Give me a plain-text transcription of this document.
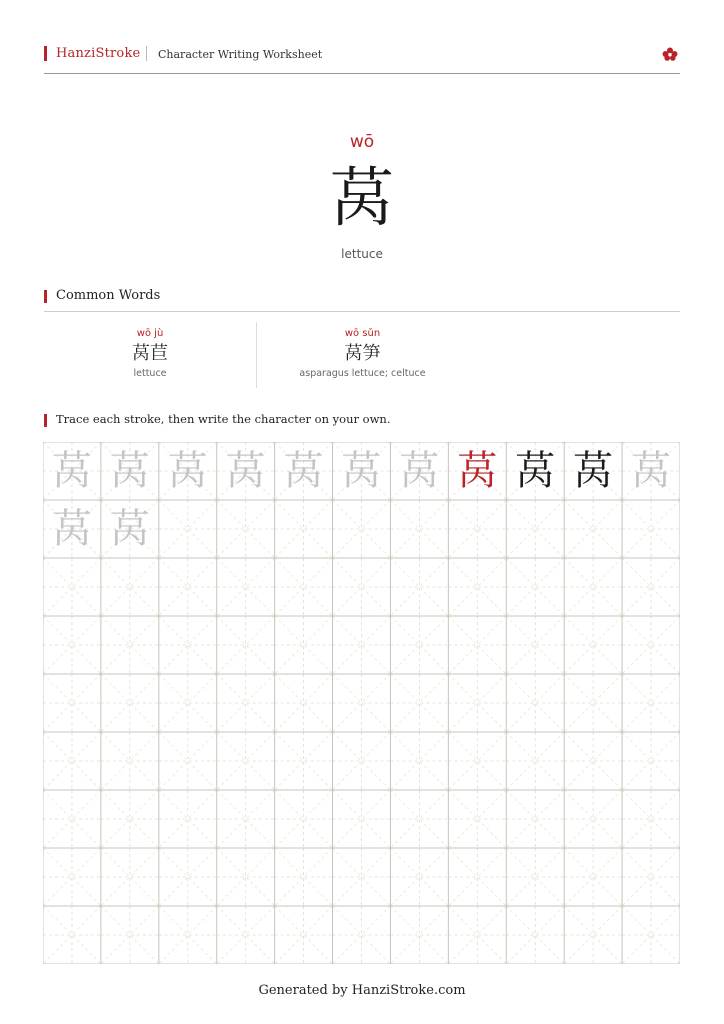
HanziStroke Character Writing Worksheet
wō
莴
lettuce
Common Words
wō jù
莴苣
lettuce
wō sǔn
莴笋
asparagus lettuce; celtuce
Trace each stroke, then write the character on your own.
莴 莴 莴 莴 莴 莴 莴 莴 莴 莴 莴
莴 莴
Generated by HanziStroke.com
